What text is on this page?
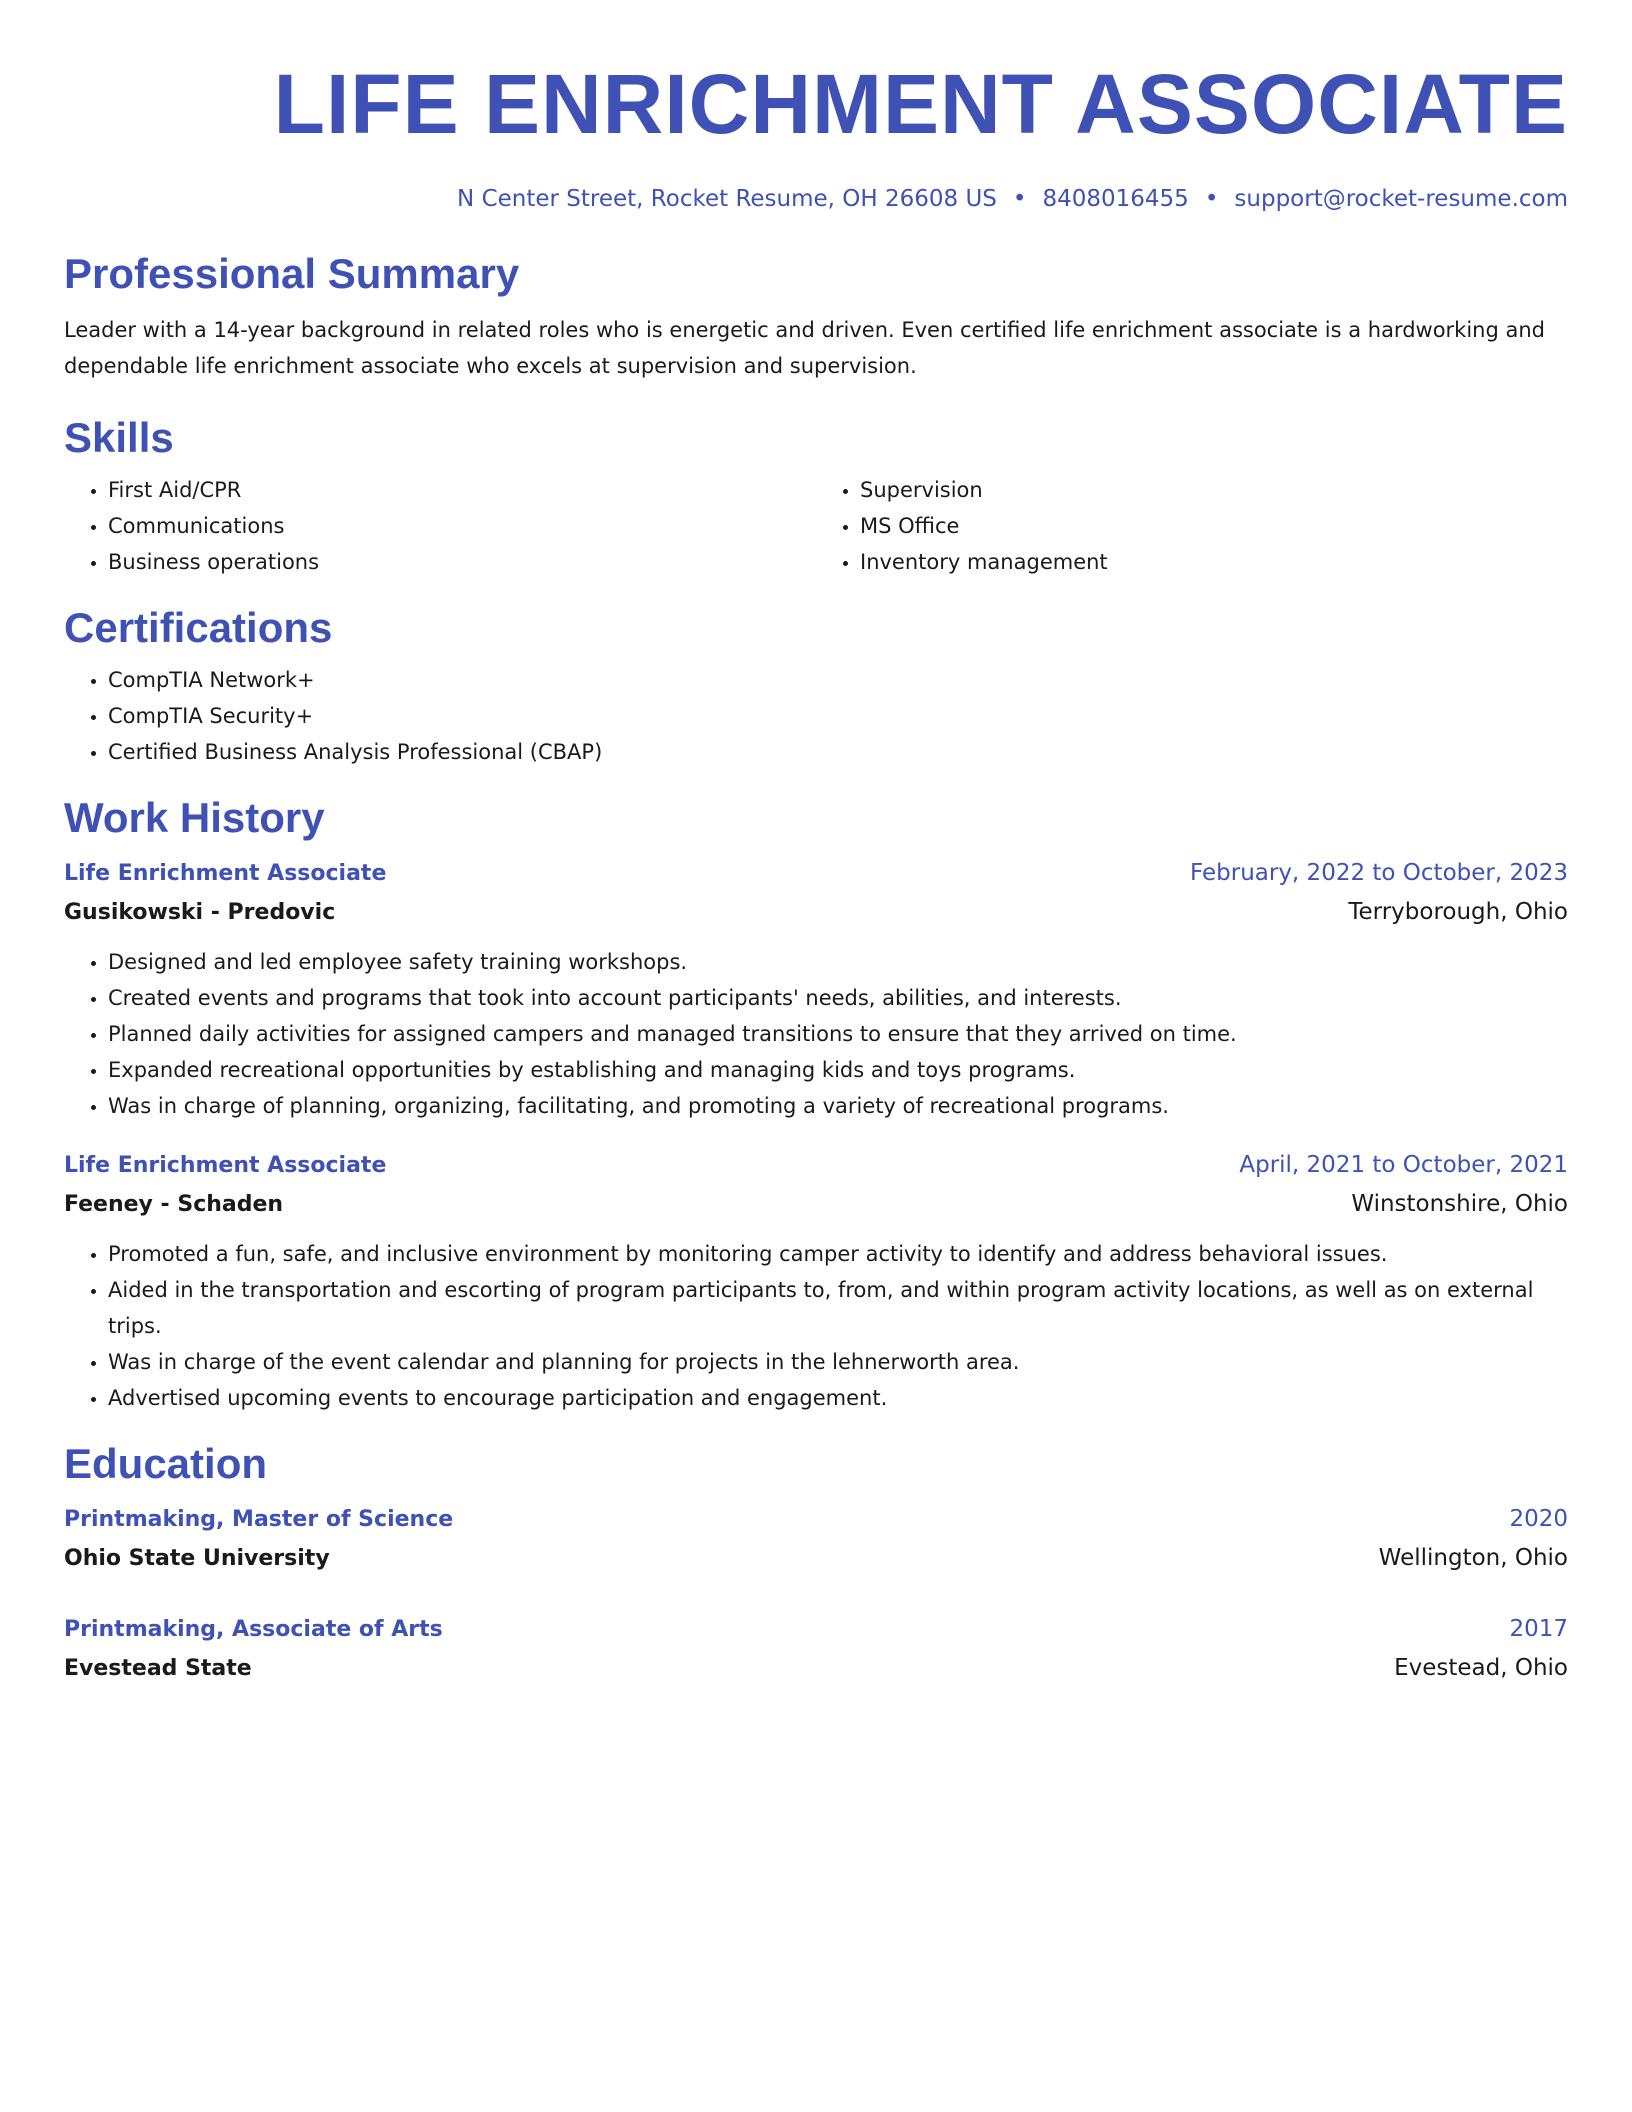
LIFE ENRICHMENT ASSOCIATE
N Center Street, Rocket Resume, OH 26608 US • 8408016455 • support@rocket-resume.com
Professional Summary

Leader with a 14-year background in related roles who is energetic and driven. Even certified life enrichment associate is a hardworking and dependable life enrichment associate who excels at supervision and supervision.

Skills
• First Aid/CPR
• Communications
• Business operations
• Supervision
• MS Office
• Inventory management
Certifications
• CompTIA Network+
• CompTIA Security+
• Certified Business Analysis Professional (CBAP)
Work History
Life Enrichment Associate	February, 2022 to October, 2023
Gusikowski - Predovic	Terryborough, Ohio
• Designed and led employee safety training workshops.
• Created events and programs that took into account participants' needs, abilities, and interests.
• Planned daily activities for assigned campers and managed transitions to ensure that they arrived on time.
• Expanded recreational opportunities by establishing and managing kids and toys programs.
• Was in charge of planning, organizing, facilitating, and promoting a variety of recreational programs.
Life Enrichment Associate	April, 2021 to October, 2021
Feeney - Schaden	Winstonshire, Ohio
• Promoted a fun, safe, and inclusive environment by monitoring camper activity to identify and address behavioral issues.
• Aided in the transportation and escorting of program participants to, from, and within program activity locations, as well as on external trips.
• Was in charge of the event calendar and planning for projects in the lehnerworth area.
• Advertised upcoming events to encourage participation and engagement.
Education
Printmaking, Master of Science	2020
Ohio State University	Wellington, Ohio
Printmaking, Associate of Arts	2017
Evestead State	Evestead, Ohio
